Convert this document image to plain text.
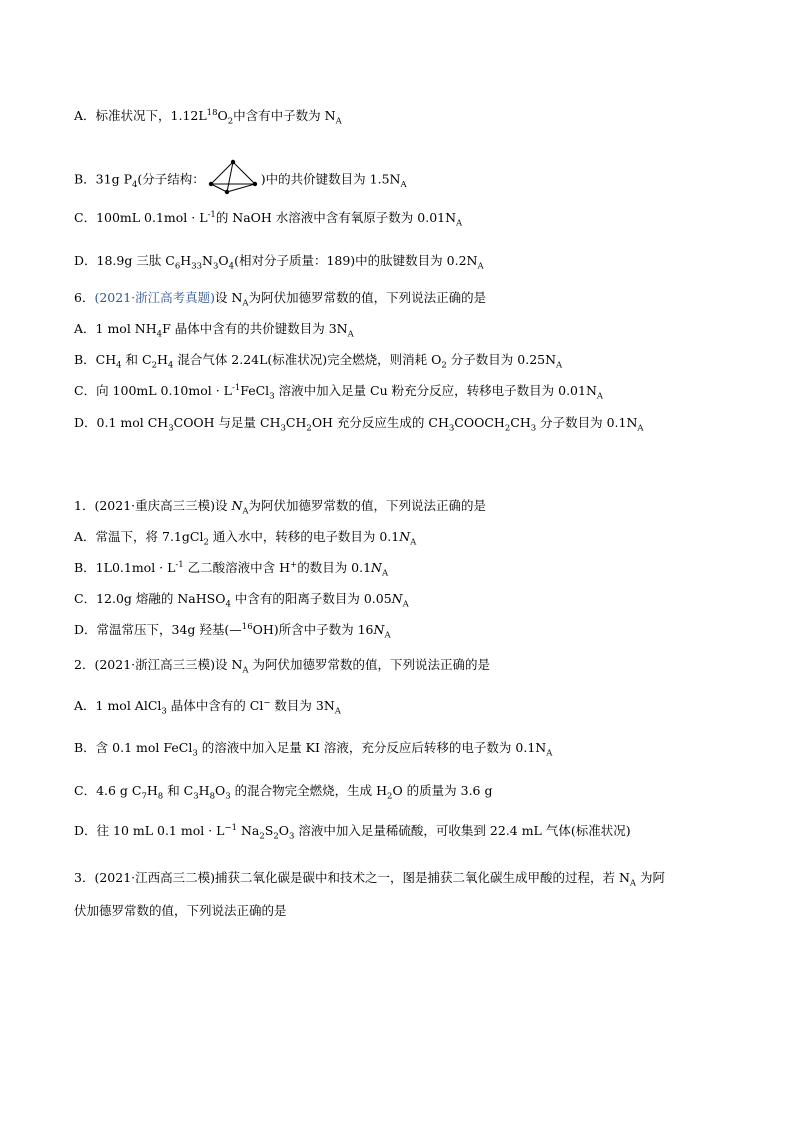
A．标准状况下，$1.12L^{18}O_2$中含有中子数为 $N_A$
B．31g $P_4$(分子结构：	)中的共价键数目为 $1.5N_A$
C．100mL $0.1mol \cdot L^{-1}$的 NaOH 水溶液中含有氧原子数为 $0.01N_A$
D．18.9g 三肽 $C_6H_{33}N_3O_4$(相对分子质量：189)中的肽键数目为 $0.2N_A$
6．(2021·浙江高考真题)设 $N_A$为阿伏加德罗常数的值，下列说法正确的是
A．1 mol $NH_4F$ 晶体中含有的共价键数目为 $3N_A$
B．$CH_4$ 和 $C_2H_4$ 混合气体 2.24L(标准状况)完全燃烧，则消耗 $O_2$ 分子数目为 $0.25N_A$
C．向 100mL $0.10mol \cdot L^{-1}FeCl_3$ 溶液中加入足量 Cu 粉充分反应，转移电子数目为 $0.01N_A$
D．0.1 mol $CH_3COOH$ 与足量 $CH_3CH_2OH$ 充分反应生成的 $CH_3COOCH_2CH_3$ 分子数目为 $0.1N_A$
1．(2021·重庆高三三模)设 $N_A$为阿伏加德罗常数的值，下列说法正确的是
A．常温下，将 7.1gCl$_2$ 通入水中，转移的电子数目为 $0.1N_A$
B．$1L0.1mol \cdot L^{-1}$ 乙二酸溶液中含 H+的数目为 $0.1N_A$
C．12.0g 熔融的 NaHSO$_4$ 中含有的阳离子数目为 $0.05N_A$
D．常温常压下，34g 羟基(—$^{16}$OH)所含中子数为 $16N_A$
2．(2021·浙江高三三模)设 $N_A$ 为阿伏加德罗常数的值，下列说法正确的是
A．1 mol AlCl$_3$ 晶体中含有的 Cl− 数目为 $3N_A$
B．含 0.1 mol FeCl$_3$ 的溶液中加入足量 KI 溶液，充分反应后转移的电子数为 $0.1N_A$
C．4.6 g $C_7H_8$ 和 $C_3H_8O_3$ 的混合物完全燃烧，生成 $H_2O$ 的质量为 3.6 g
D．往 10 mL 0.1 mol · $L^{-1}$ $Na_2S_2O_3$ 溶液中加入足量稀硫酸，可收集到 22.4 mL 气体(标准状况)
3．(2021·江西高三二模)捕获二氧化碳是碳中和技术之一，图是捕获二氧化碳生成甲酸的过程，若 $N_A$ 为阿
伏加德罗常数的值，下列说法正确的是
